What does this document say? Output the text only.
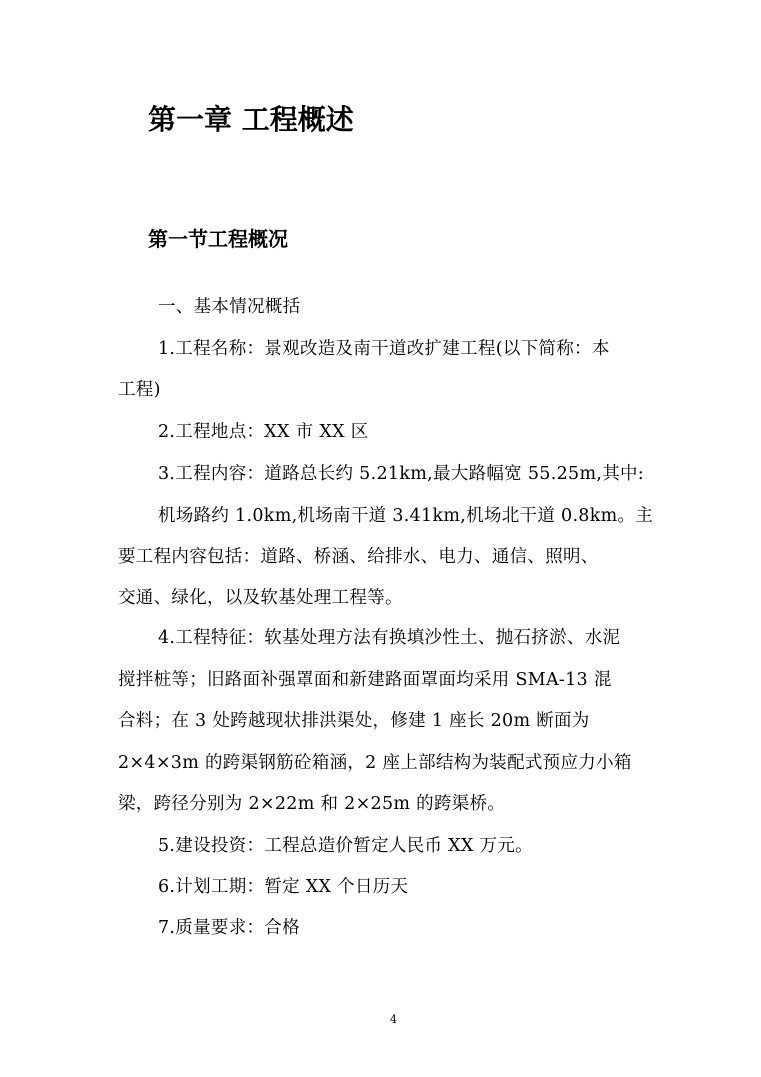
第一章 工程概述
第一节工程概况
一、基本情况概括
1.工程名称：景观改造及南干道改扩建工程(以下简称：本
工程)
2.工程地点：XX 市 XX 区
3.工程内容：道路总长约 5.21km,最大路幅宽 55.25m,其中:
机场路约 1.0km,机场南干道 3.41km,机场北干道 0.8km。主
要工程内容包括：道路、桥涵、给排水、电力、通信、照明、
交通、绿化，以及软基处理工程等。
4.工程特征：软基处理方法有换填沙性土、抛石挤淤、水泥
搅拌桩等；旧路面补强罩面和新建路面罩面均采用 SMA-13 混
合料；在 3 处跨越现状排洪渠处，修建 1 座长 20m 断面为
2×4×3m 的跨渠钢筋砼箱涵，2 座上部结构为装配式预应力小箱
梁，跨径分别为 2×22m 和 2×25m 的跨渠桥。
5.建设投资：工程总造价暂定人民币 XX 万元。
6.计划工期：暂定 XX 个日历天
7.质量要求：合格
4
